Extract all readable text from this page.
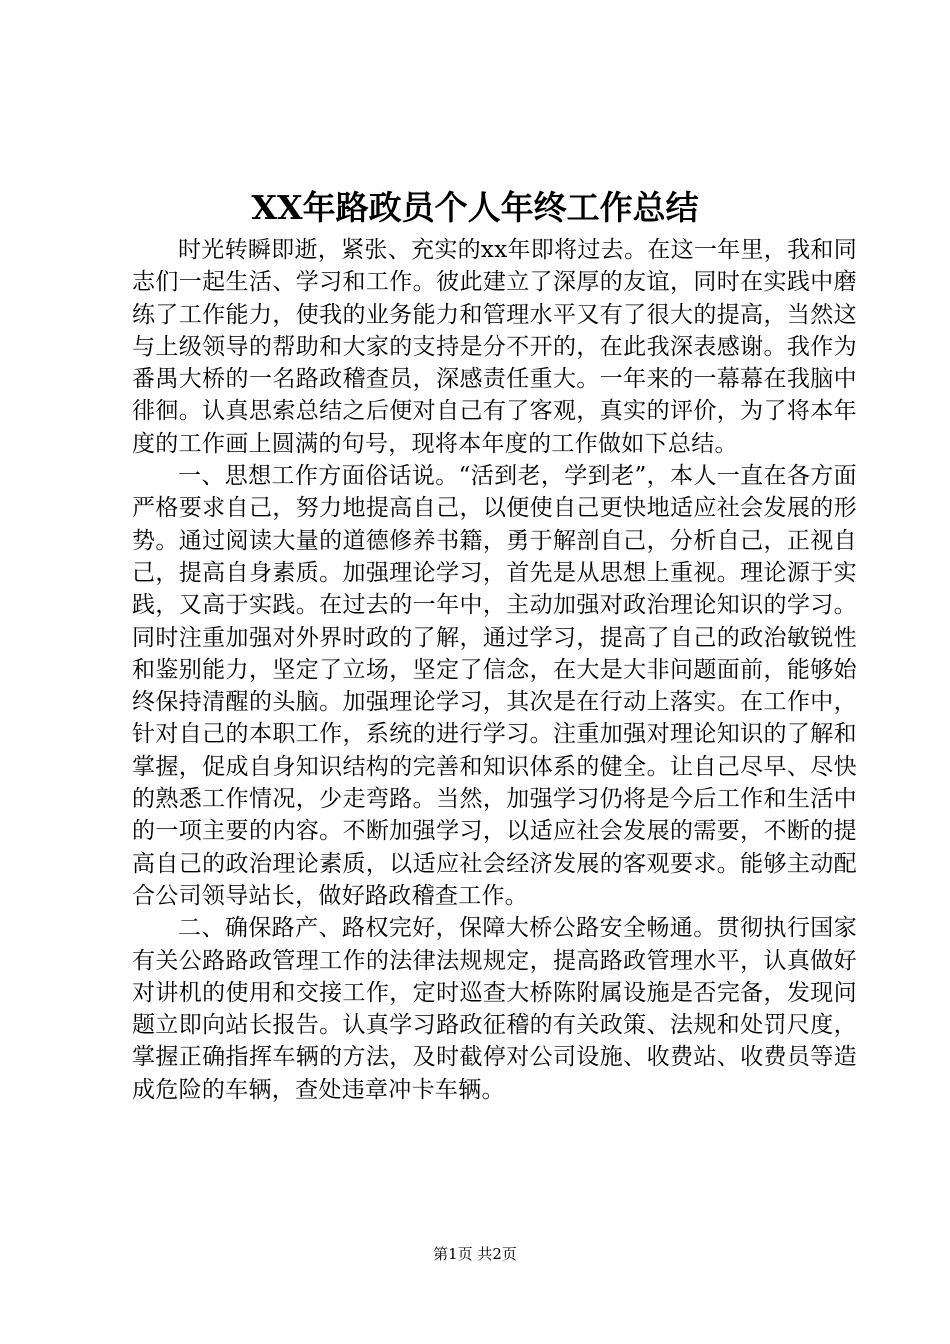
XX年路政员个人年终工作总结

时光转瞬即逝，紧张、充实的xx年即将过去。在这一年里，我和同志们一起生活、学习和工作。彼此建立了深厚的友谊，同时在实践中磨练了工作能力，使我的业务能力和管理水平又有了很大的提高，当然这与上级领导的帮助和大家的支持是分不开的，在此我深表感谢。我作为番禺大桥的一名路政稽查员，深感责任重大。一年来的一幕幕在我脑中徘徊。认真思索总结之后便对自己有了客观，真实的评价，为了将本年度的工作画上圆满的句号，现将本年度的工作做如下总结。

一、思想工作方面俗话说。“活到老，学到老”，本人一直在各方面严格要求自己，努力地提高自己，以便使自己更快地适应社会发展的形势。通过阅读大量的道德修养书籍，勇于解剖自己，分析自己，正视自己，提高自身素质。加强理论学习，首先是从思想上重视。理论源于实践，又高于实践。在过去的一年中，主动加强对政治理论知识的学习。同时注重加强对外界时政的了解，通过学习，提高了自己的政治敏锐性和鉴别能力，坚定了立场，坚定了信念，在大是大非问题面前，能够始终保持清醒的头脑。加强理论学习，其次是在行动上落实。在工作中，针对自己的本职工作，系统的进行学习。注重加强对理论知识的了解和掌握，促成自身知识结构的完善和知识体系的健全。让自己尽早、尽快的熟悉工作情况，少走弯路。当然，加强学习仍将是今后工作和生活中的一项主要的内容。不断加强学习，以适应社会发展的需要，不断的提高自己的政治理论素质，以适应社会经济发展的客观要求。能够主动配合公司领导站长，做好路政稽查工作。

二、确保路产、路权完好，保障大桥公路安全畅通。贯彻执行国家有关公路路政管理工作的法律法规规定，提高路政管理水平，认真做好对讲机的使用和交接工作，定时巡查大桥陈附属设施是否完备，发现问题立即向站长报告。认真学习路政征稽的有关政策、法规和处罚尺度，掌握正确指挥车辆的方法，及时截停对公司设施、收费站、收费员等造成危险的车辆，查处违章冲卡车辆。

第1页 共2页
